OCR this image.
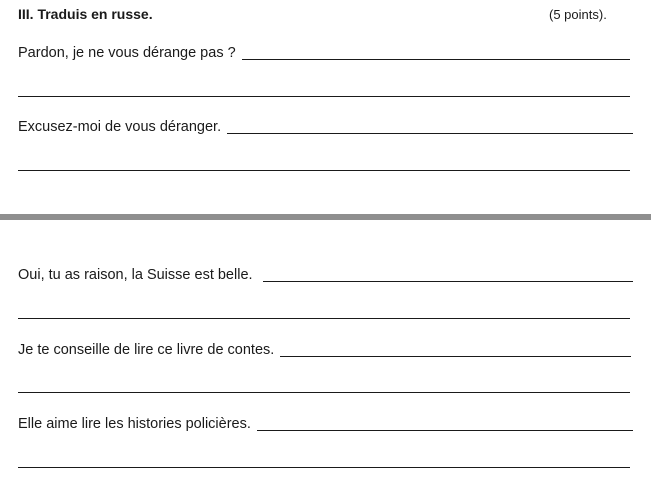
III. Traduis en russe.	(5 points).
Pardon, je ne vous dérange pas ?
Excusez-moi de vous déranger.
Oui, tu as raison, la Suisse est belle.
Je te conseille de lire ce livre de contes.
Elle aime lire les histories policières.
